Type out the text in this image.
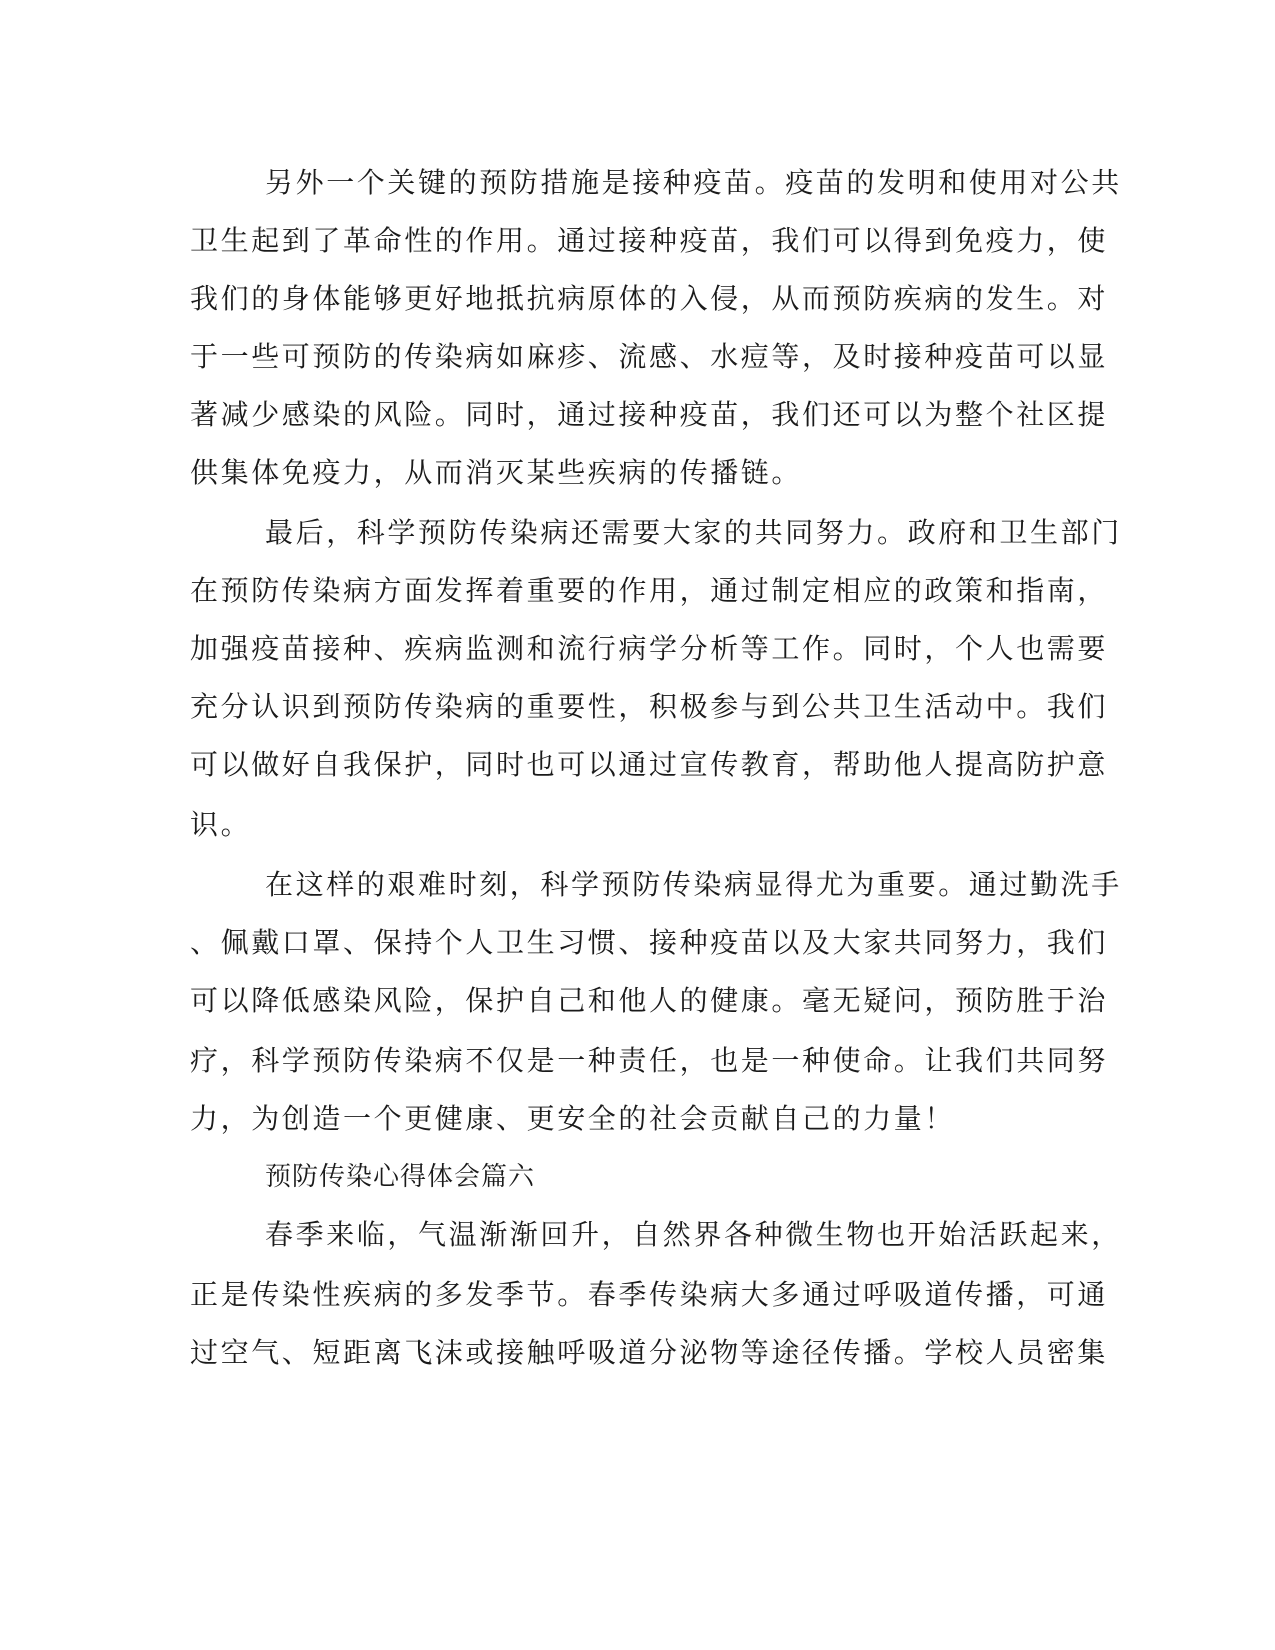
另外一个关键的预防措施是接种疫苗。疫苗的发明和使用对公共
卫生起到了革命性的作用。通过接种疫苗，我们可以得到免疫力，使
我们的身体能够更好地抵抗病原体的入侵，从而预防疾病的发生。对
于一些可预防的传染病如麻疹、流感、水痘等，及时接种疫苗可以显
著减少感染的风险。同时，通过接种疫苗，我们还可以为整个社区提
供集体免疫力，从而消灭某些疾病的传播链。
最后，科学预防传染病还需要大家的共同努力。政府和卫生部门
在预防传染病方面发挥着重要的作用，通过制定相应的政策和指南，
加强疫苗接种、疾病监测和流行病学分析等工作。同时，个人也需要
充分认识到预防传染病的重要性，积极参与到公共卫生活动中。我们
可以做好自我保护，同时也可以通过宣传教育，帮助他人提高防护意
识。
在这样的艰难时刻，科学预防传染病显得尤为重要。通过勤洗手
、佩戴口罩、保持个人卫生习惯、接种疫苗以及大家共同努力，我们
可以降低感染风险，保护自己和他人的健康。毫无疑问，预防胜于治
疗，科学预防传染病不仅是一种责任，也是一种使命。让我们共同努
力，为创造一个更健康、更安全的社会贡献自己的力量！
预防传染心得体会篇六
春季来临，气温渐渐回升，自然界各种微生物也开始活跃起来，
正是传染性疾病的多发季节。春季传染病大多通过呼吸道传播，可通
过空气、短距离飞沫或接触呼吸道分泌物等途径传播。学校人员密集
